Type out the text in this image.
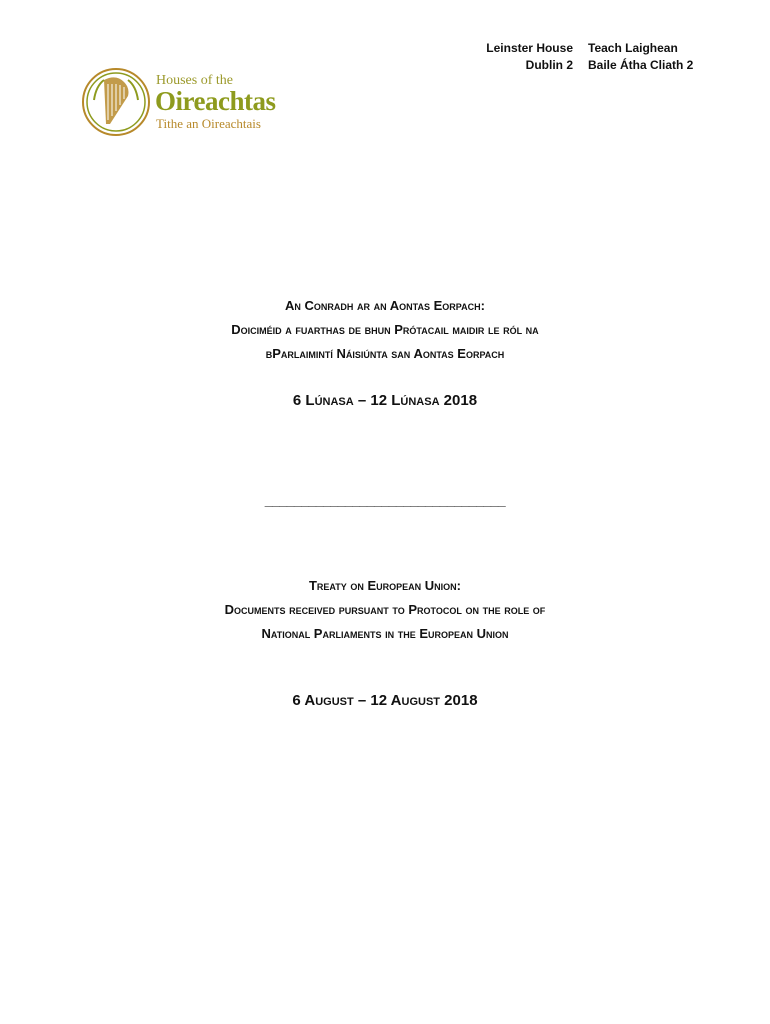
Leinster House
Dublin 2
Teach Laighean
Baile Átha Cliath 2
Houses of the
Oireachtas
Tithe an Oireachtais
An Conradh ar an Aontas Eorpach:
Doiciméid a fuarthas de bhun Prótacail maidir le ról na
bParlaimintí Náisiúnta san Aontas Eorpach
6 Lúnasa – 12 Lúnasa 2018
_________________________________
Treaty on European Union:
Documents received pursuant to Protocol on the role of
National Parliaments in the European Union
6 August – 12 August 2018
